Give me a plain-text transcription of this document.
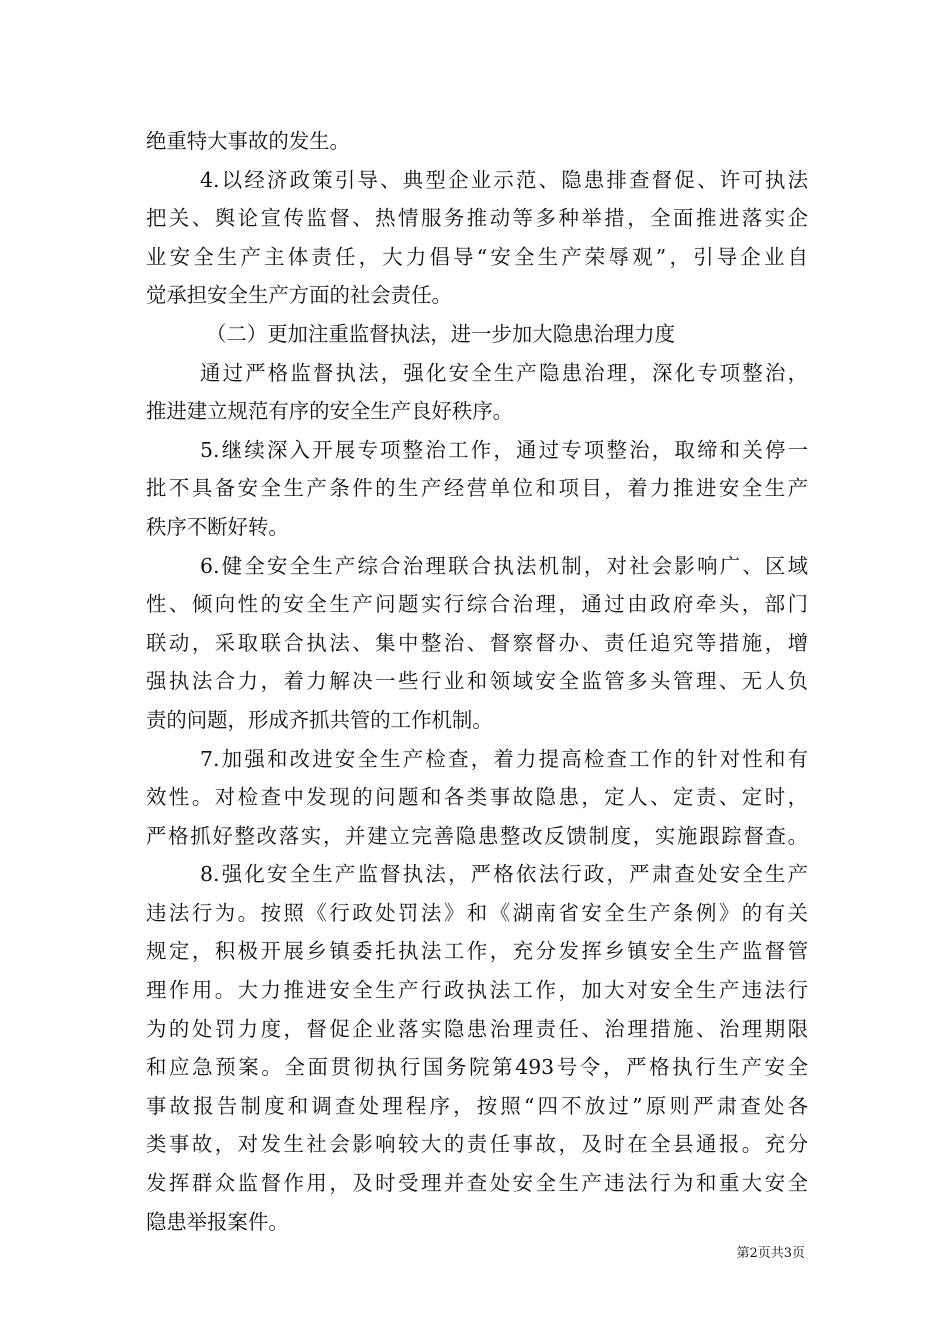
绝重特大事故的发生。
4.以经济政策引导、典型企业示范、隐患排查督促、许可执法
把关、舆论宣传监督、热情服务推动等多种举措，全面推进落实企
业安全生产主体责任，大力倡导“安全生产荣辱观”，引导企业自
觉承担安全生产方面的社会责任。
（二）更加注重监督执法，进一步加大隐患治理力度
通过严格监督执法，强化安全生产隐患治理，深化专项整治，
推进建立规范有序的安全生产良好秩序。
5.继续深入开展专项整治工作，通过专项整治，取缔和关停一
批不具备安全生产条件的生产经营单位和项目，着力推进安全生产
秩序不断好转。
6.健全安全生产综合治理联合执法机制，对社会影响广、区域
性、倾向性的安全生产问题实行综合治理，通过由政府牵头，部门
联动，采取联合执法、集中整治、督察督办、责任追究等措施，增
强执法合力，着力解决一些行业和领域安全监管多头管理、无人负
责的问题，形成齐抓共管的工作机制。
7.加强和改进安全生产检查，着力提高检查工作的针对性和有
效性。对检查中发现的问题和各类事故隐患，定人、定责、定时，
严格抓好整改落实，并建立完善隐患整改反馈制度，实施跟踪督查。
8.强化安全生产监督执法，严格依法行政，严肃查处安全生产
违法行为。按照《行政处罚法》和《湖南省安全生产条例》的有关
规定，积极开展乡镇委托执法工作，充分发挥乡镇安全生产监督管
理作用。大力推进安全生产行政执法工作，加大对安全生产违法行
为的处罚力度，督促企业落实隐患治理责任、治理措施、治理期限
和应急预案。全面贯彻执行国务院第493号令，严格执行生产安全
事故报告制度和调查处理程序，按照“四不放过”原则严肃查处各
类事故，对发生社会影响较大的责任事故，及时在全县通报。充分
发挥群众监督作用，及时受理并查处安全生产违法行为和重大安全
隐患举报案件。
第2页共3页
